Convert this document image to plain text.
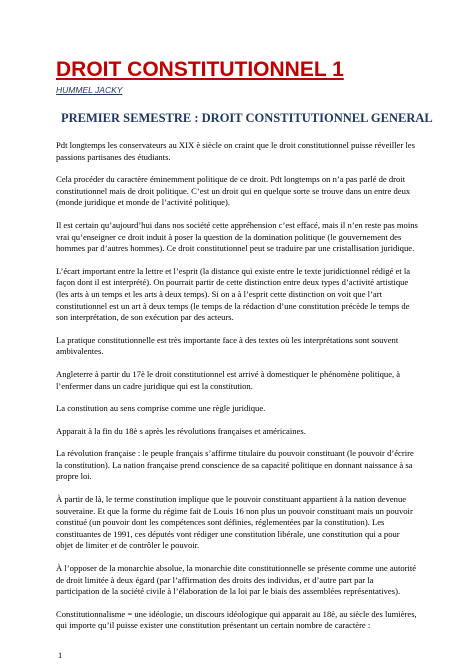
DROIT CONSTITUTIONNEL 1
HUMMEL JACKY
PREMIER SEMESTRE : DROIT CONSTITUTIONNEL GENERAL

Pdt longtemps les conservateurs au XIX è siècle on craint que le droit constitutionnel puisse réveiller les passions partisanes des étudiants.

Cela procéder du caractère éminemment politique de ce droit. Pdt longtemps on n’a pas parlé de droit constitutionnel mais de droit politique. C’est un droit qui en quelque sorte se trouve dans un entre deux (monde juridique et monde de l’activité politique).

Il est certain qu’aujourd’hui dans nos société cette appréhension c’est effacé, mais il n’en reste pas moins vrai qu’enseigner ce droit induit à poser la question de la domination politique (le gouvernement des hommes par d’autres hommes). Ce droit constitutionnel peut se traduire par une cristallisation juridique.

L’écart important entre la lettre et l’esprit (la distance qui existe entre le texte juridictionnel rédigé et la façon dont il est interprété). On pourrait partir de cette distinction entre deux types d’activité artistique (les arts à un temps et les arts à deux temps). Si on a à l’esprit cette distinction on voit que l’art constitutionnel est un art à deux temps (le temps de la rédaction d’une constitution précède le temps de son interprétation, de son exécution par des acteurs.

La pratique constitutionnelle est très importante face à des textes où les interprétations sont souvent ambivalentes.

Angleterre à partir du 17è le droit constitutionnel est arrivé à domestiquer le phénomène politique, à l’enfermer dans un cadre juridique qui est la constitution.

La constitution au sens comprise comme une règle juridique.

Apparait à la fin du 18è s après les révolutions françaises et américaines.

La révolution française : le peuple français s’affirme titulaire du pouvoir constituant (le pouvoir d’écrire la constitution). La nation française prend conscience de sa capacité politique en donnant naissance à sa propre loi.

À partir de là, le terme constitution implique que le pouvoir constituant appartient à la nation devenue souveraine. Et que la forme du régime fait de Louis 16 non plus un pouvoir constituant mais un pouvoir constitué (un pouvoir dont les compétences sont définies, réglementées par la constitution). Les constituantes de 1991, ces députés vont rédiger une constitution libérale, une constitution qui a pour objet de limiter et de contrôler le pouvoir.

À l’opposer de la monarchie absolue, la monarchie dite constitutionnelle se présente comme une autorité de droit limitée à deux égard (par l’affirmation des droits des individus, et d’autre part par la participation de la société civile à l’élaboration de la loi par le biais des assemblées représentatives).

Constitutionnalisme = une idéologie, un discours idéologique qui apparait au 18è, au siècle des lumières, qui importe qu’il puisse exister une constitution présentant un certain nombre de caractère :

1
